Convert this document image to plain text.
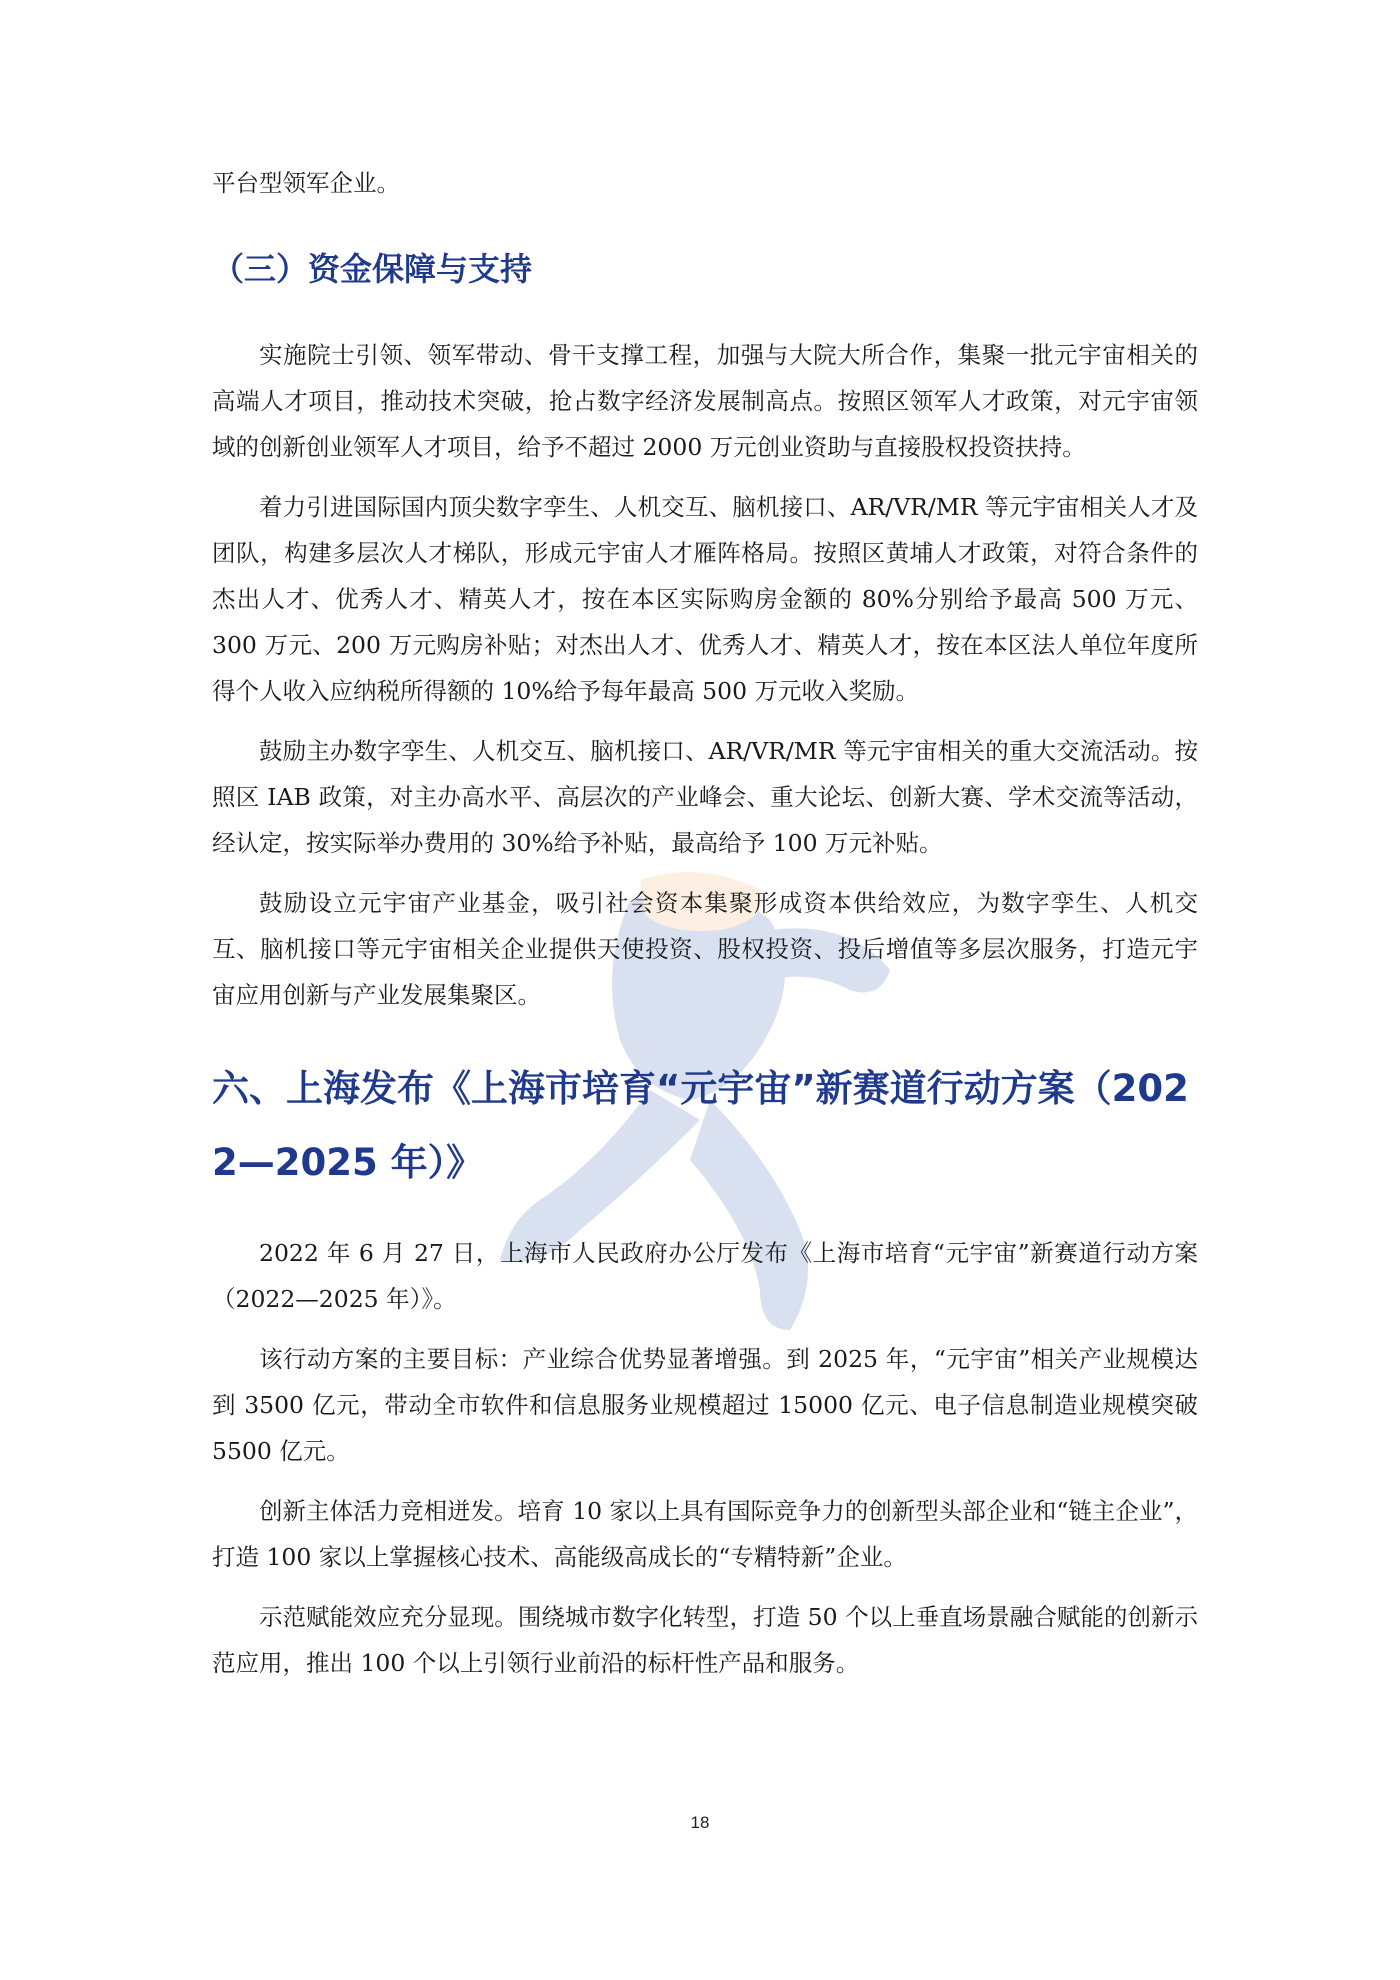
平台型领军企业。

（三）资金保障与支持

实施院士引领、领军带动、骨干支撑工程，加强与大院大所合作，集聚一批元宇宙相关的高端人才项目，推动技术突破，抢占数字经济发展制高点。按照区领军人才政策，对元宇宙领域的创新创业领军人才项目，给予不超过 2000 万元创业资助与直接股权投资扶持。

着力引进国际国内顶尖数字孪生、人机交互、脑机接口、AR/VR/MR 等元宇宙相关人才及团队，构建多层次人才梯队，形成元宇宙人才雁阵格局。按照区黄埔人才政策，对符合条件的杰出人才、优秀人才、精英人才，按在本区实际购房金额的 80%分别给予最高 500 万元、300 万元、200 万元购房补贴；对杰出人才、优秀人才、精英人才，按在本区法人单位年度所得个人收入应纳税所得额的 10%给予每年最高 500 万元收入奖励。

鼓励主办数字孪生、人机交互、脑机接口、AR/VR/MR 等元宇宙相关的重大交流活动。按照区 IAB 政策，对主办高水平、高层次的产业峰会、重大论坛、创新大赛、学术交流等活动，经认定，按实际举办费用的 30%给予补贴，最高给予 100 万元补贴。

鼓励设立元宇宙产业基金，吸引社会资本集聚形成资本供给效应，为数字孪生、人机交互、脑机接口等元宇宙相关企业提供天使投资、股权投资、投后增值等多层次服务，打造元宇宙应用创新与产业发展集聚区。

六、上海发布《上海市培育“元宇宙”新赛道行动方案（2022—2025 年）》

2022 年 6 月 27 日，上海市人民政府办公厅发布《上海市培育“元宇宙”新赛道行动方案（2022—2025 年）》。

该行动方案的主要目标：产业综合优势显著增强。到 2025 年，“元宇宙”相关产业规模达到 3500 亿元，带动全市软件和信息服务业规模超过 15000 亿元、电子信息制造业规模突破 5500 亿元。

创新主体活力竞相迸发。培育 10 家以上具有国际竞争力的创新型头部企业和“链主企业”，打造 100 家以上掌握核心技术、高能级高成长的“专精特新”企业。

示范赋能效应充分显现。围绕城市数字化转型，打造 50 个以上垂直场景融合赋能的创新示范应用，推出 100 个以上引领行业前沿的标杆性产品和服务。

18
